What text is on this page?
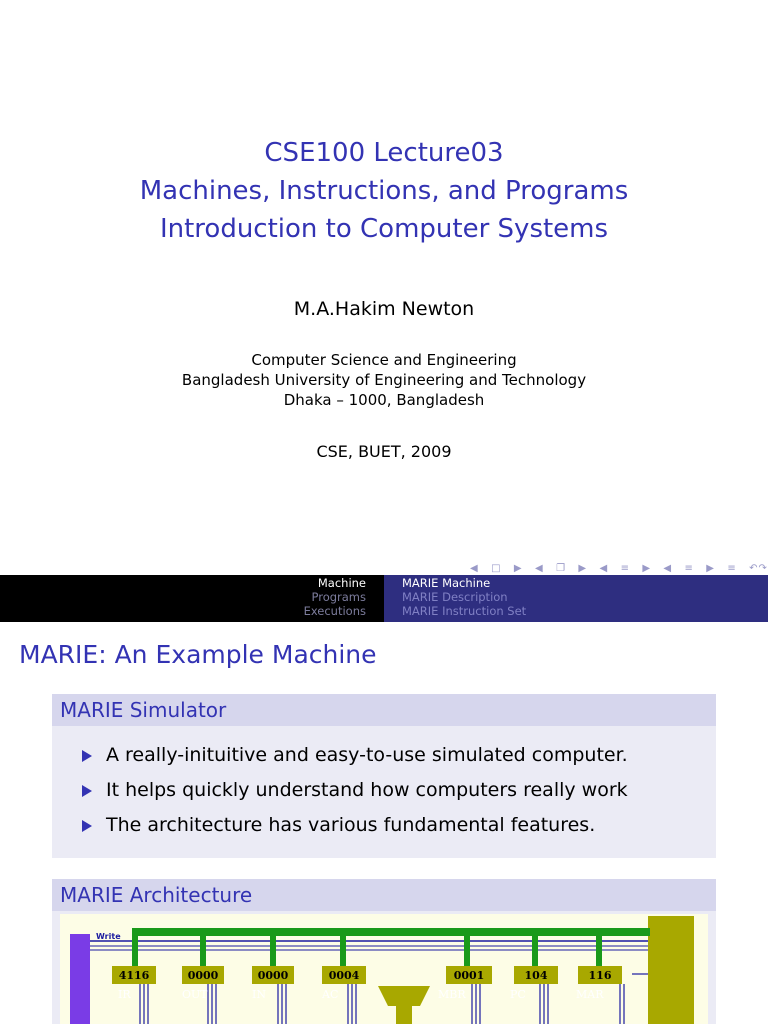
CSE100 Lecture03
Machines, Instructions, and Programs
Introduction to Computer Systems
M.A.Hakim Newton
Computer Science and Engineering
Bangladesh University of Engineering and Technology
Dhaka – 1000, Bangladesh
CSE, BUET, 2009
◀ □ ▶ ◀ ❐ ▶ ◀ ≡ ▶ ◀ ≡ ▶ ≡ ↶↷
Machine
Programs
Executions
MARIE Machine
MARIE Description
MARIE Instruction Set
MARIE: An Example Machine
MARIE Simulator
A really-inituitive and easy-to-use simulated computer.
It helps quickly understand how computers really work
The architecture has various fundamental features.
MARIE Architecture
Write
4116
IR
0000
OUT
0000
IN
0004
AC
0001
MBR
104
PC
116
MAR
